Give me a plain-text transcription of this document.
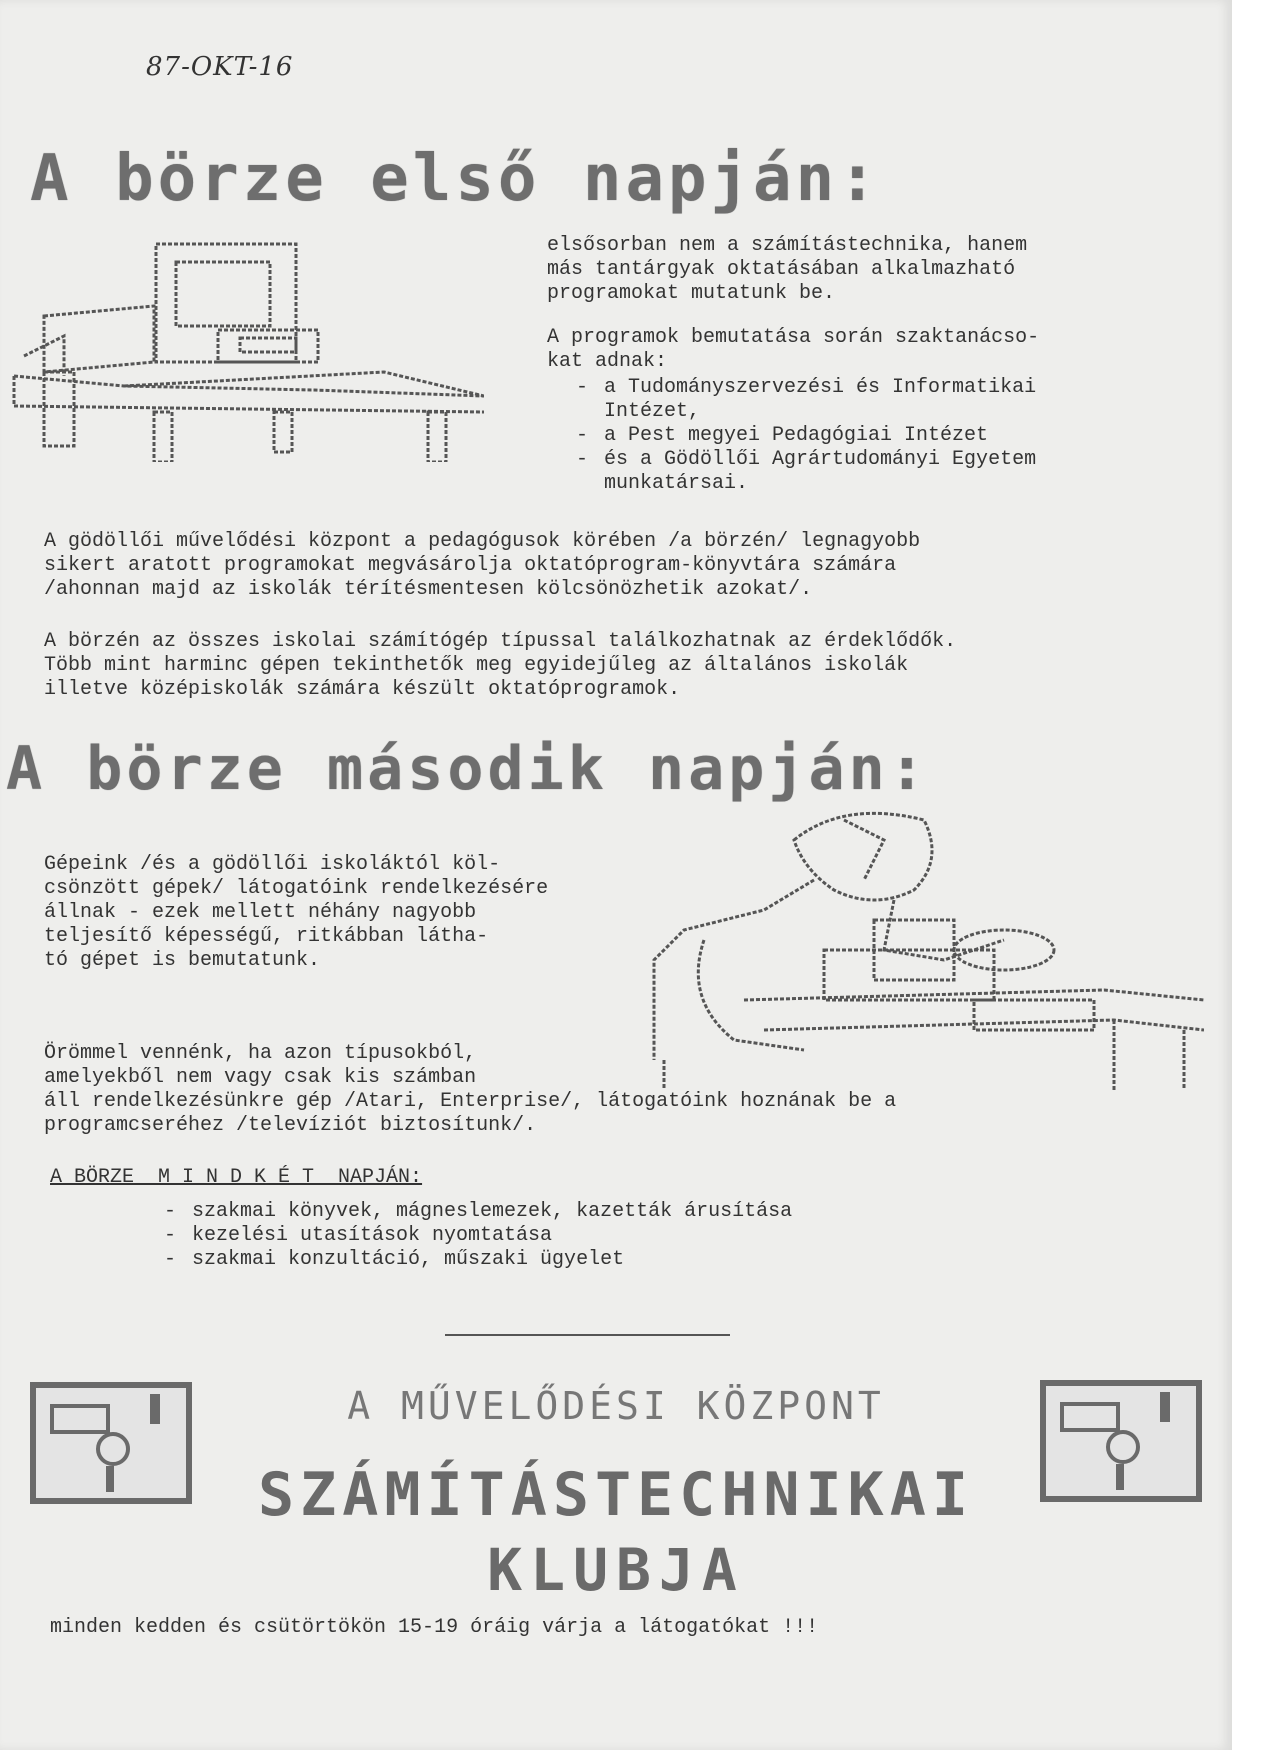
87-OKT-16
A börze első napján:
elsősorban nem a számítástechnika, hanem
más tantárgyak oktatásában alkalmazható
programokat mutatunk be.
A programok bemutatása során szaktanácso-
kat adnak:
- a Tudományszervezési és Informatikai
Intézet,
- a Pest megyei Pedagógiai Intézet
- és a Gödöllői Agrártudományi Egyetem
munkatársai.
A gödöllői művelődési központ a pedagógusok körében /a börzén/ legnagyobb
sikert aratott programokat megvásárolja oktatóprogram-könyvtára számára
/ahonnan majd az iskolák térítésmentesen kölcsönözhetik azokat/.
A börzén az összes iskolai számítógép típussal találkozhatnak az érdeklődők.
Több mint harminc gépen tekinthetők meg egyidejűleg az általános iskolák
illetve középiskolák számára készült oktatóprogramok.
A börze második napján:
Gépeink /és a gödöllői iskoláktól köl-
csönzött gépek/ látogatóink rendelkezésére
állnak - ezek mellett néhány nagyobb
teljesítő képességű, ritkábban látha-
tó gépet is bemutatunk.
Örömmel vennénk, ha azon típusokból,
amelyekből nem vagy csak kis számban
áll rendelkezésünkre gép /Atari, Enterprise/, látogatóink hoznának be a
programcseréhez /televíziót biztosítunk/.
A BÖRZE  M I N D K É T  NAPJÁN:
- szakmai könyvek, mágneslemezek, kazetták árusítása
- kezelési utasítások nyomtatása
- szakmai konzultáció, műszaki ügyelet
A MŰVELŐDÉSI KÖZPONT
SZÁMÍTÁSTECHNIKAI
KLUBJA
minden kedden és csütörtökön 15-19 óráig várja a látogatókat !!!
